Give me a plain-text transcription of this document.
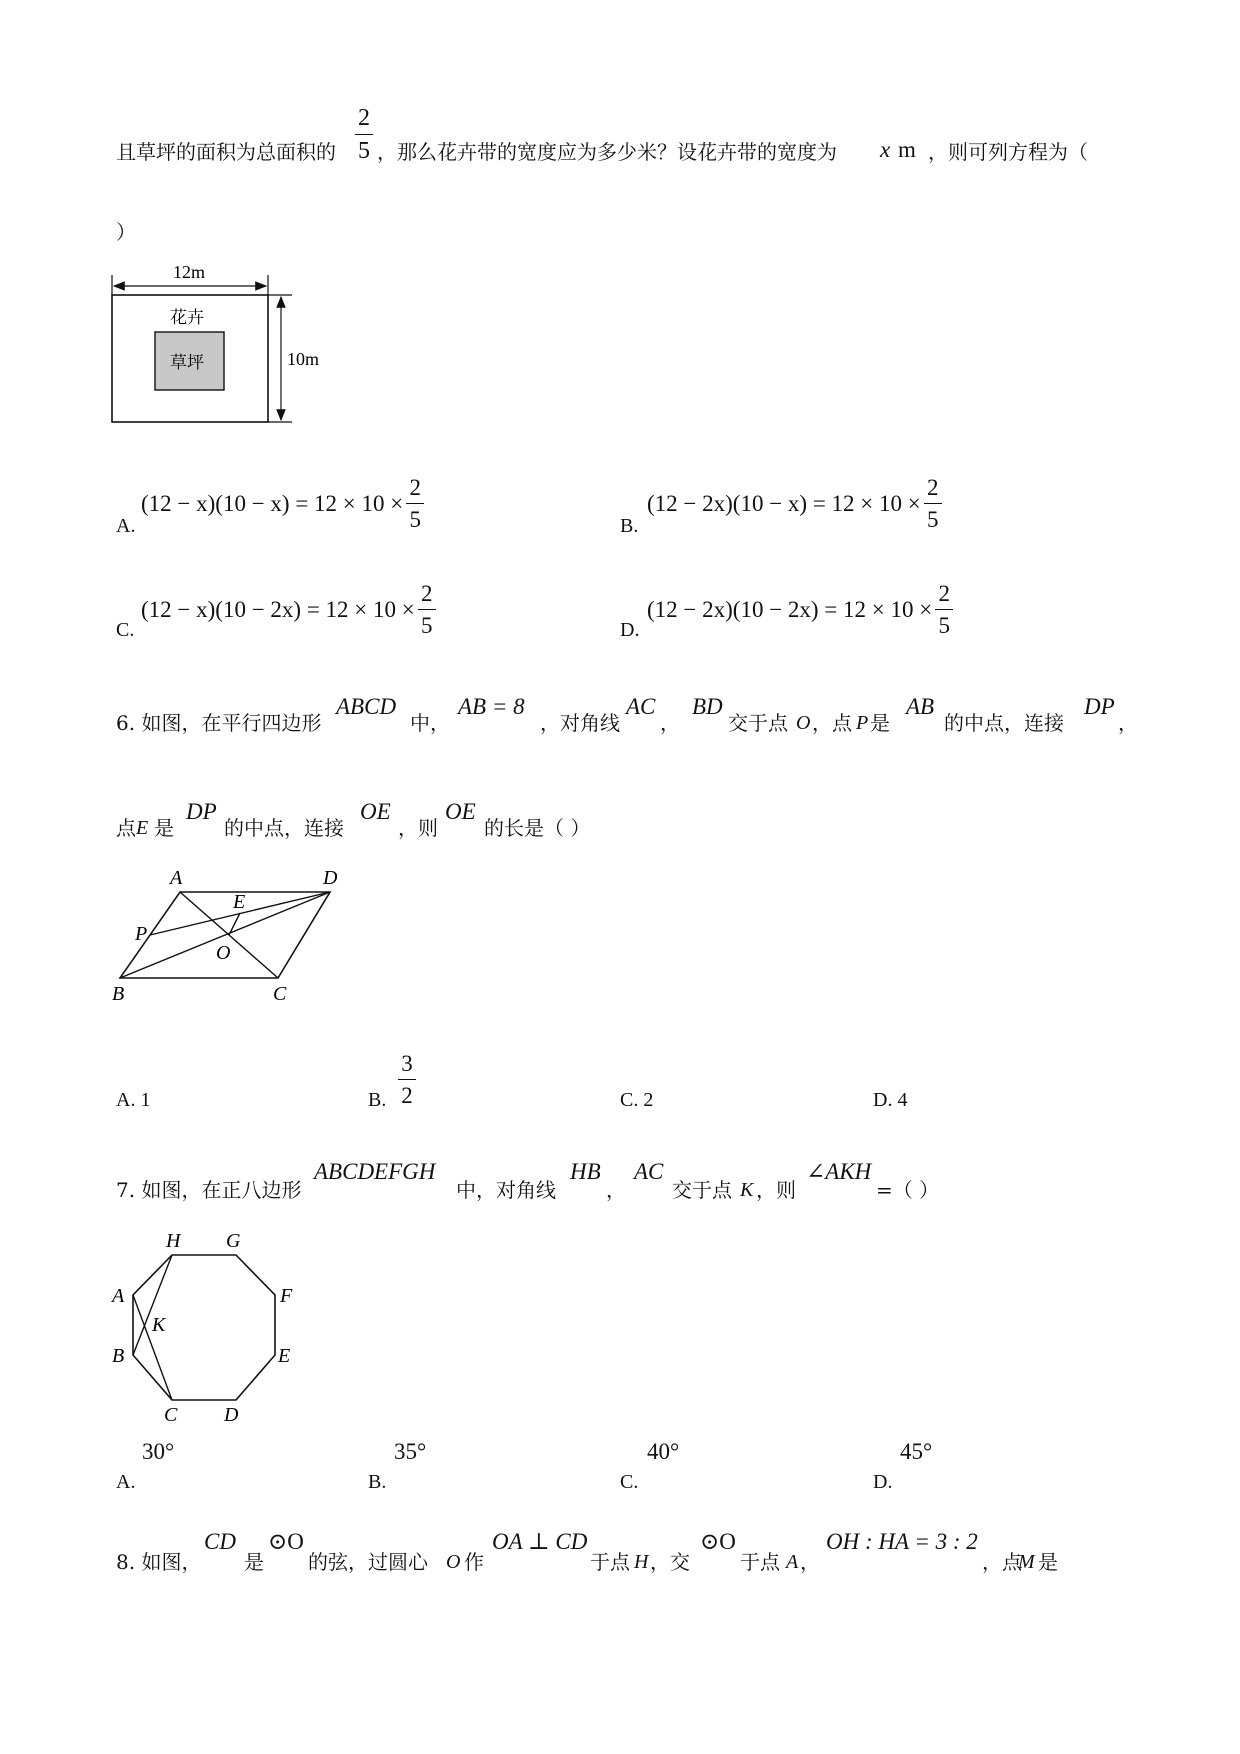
且草坪的面积为总面积的
2
5 ，那么花卉带的宽度应为多少米？设花卉带的宽度为 x m ，则可列方程为（
）
12m
10m
花卉
草坪
A.
$(12 - x)(10 - x) = 12 \times 10 \times \frac{2}{5}$	B.
$(12 - 2x)(10 - x) = 12 \times 10 \times \frac{2}{5}$
C.
$(12 - x)(10 - 2x) = 12 \times 10 \times \frac{2}{5}$	D.
$(12 - 2x)(10 - 2x) = 12 \times 10 \times \frac{2}{5}$
6. 如图，在平行四边形
ABCD
中，
AB = 8
，对角线
AC
，
BD
交于点 O ，点 P 是
AB
的中点，连接
DP
，
点 E 是
DP
的中点，连接
OE
，则
OE
的长是（ ）
A	D
E
P
O
B	C
A. 1	B.
3
2	C. 2	D. 4
7. 如图，在正八边形
ABCDEFGH
中，对角线
HB
，
AC
交于点 K ，则
∠AKH
=（ ）
H G
A	F
K
B	E
C D
A.
30°
B.
35°
C.
40°
D.
45°
8. 如图，
CD
是
⊙O
的弦，过圆心 O 作
OA ⊥ CD
于点 H ，交
⊙O
于点 A ，
OH : HA = 3 : 2
，点
M 是
